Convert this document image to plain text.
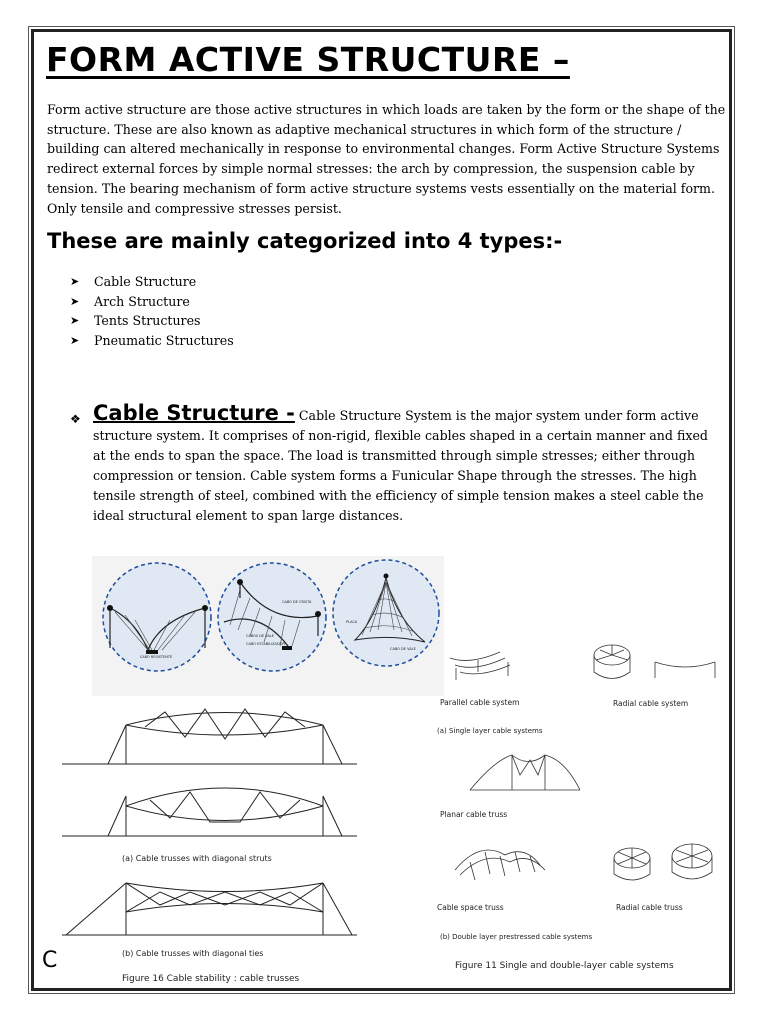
FORM ACTIVE STRUCTURE –

Form active structure are those active structures in which loads are taken by the form or the shape of the structure. These are also known as adaptive mechanical structures in which form of the structure / building can altered mechanically in response to environmental changes. Form Active Structure Systems redirect external forces by simple normal stresses: the arch by compression, the suspension cable by tension. The bearing mechanism of form active structure systems vests essentially on the material form. Only tensile and compressive stresses persist.

These are mainly categorized into 4 types:-
➤	Cable Structure
➤	Arch Structure
➤	Tents Structures
➤	Pneumatic Structures
❖ Cable Structure - Cable Structure System is the major system under form active structure system. It comprises of non-rigid, flexible cables shaped in a certain manner and fixed at the ends to span the space. The load is transmitted through simple stresses; either through compression or tension. Cable system forms a Funicular Shape through the stresses. The high tensile strength of steel, combined with the efficiency of simple tension makes a steel cable the ideal structural element to span large distances.

CABO RESISTENTE
CABO DE CRISTA
CABOS DE VALE
CABO ESTABILIZADOR
PLACA
CABO DE VALE
(a) Cable trusses with diagonal struts
(b) Cable trusses with diagonal ties
Figure 16 Cable stability : cable trusses
Parallel cable system	Radial cable system
(a) Single layer cable systems
Planar cable truss
Cable space truss	Radial cable truss
(b) Double layer prestressed cable systems
Figure 11 Single and double-layer cable systems
C
